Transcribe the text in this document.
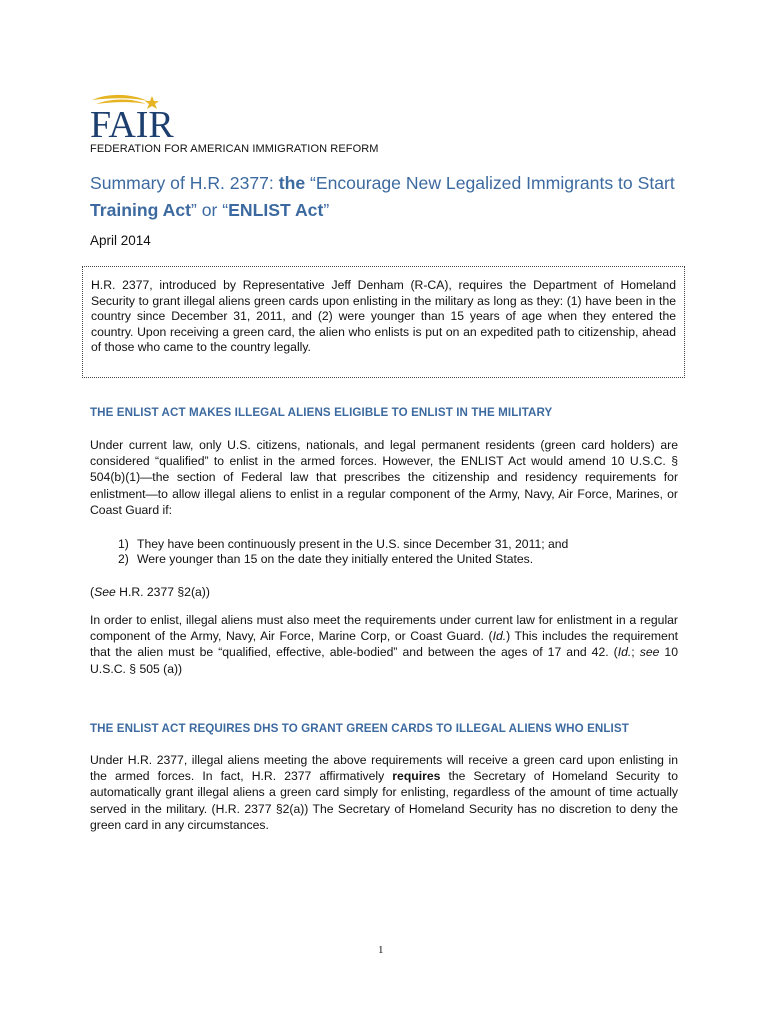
FAIR
FEDERATION FOR AMERICAN IMMIGRATION REFORM
Summary of H.R. 2377: the “Encourage New Legalized Immigrants to Start
Training Act” or “ENLIST Act”
April 2014
H.R. 2377, introduced by Representative Jeff Denham (R-CA), requires the Department of Homeland Security to grant illegal aliens green cards upon enlisting in the military as long as they: (1) have been in the country since December 31, 2011, and (2) were younger than 15 years of age when they entered the country. Upon receiving a green card, the alien who enlists is put on an expedited path to citizenship, ahead of those who came to the country legally.
THE ENLIST ACT MAKES ILLEGAL ALIENS ELIGIBLE TO ENLIST IN THE MILITARY

Under current law, only U.S. citizens, nationals, and legal permanent residents (green card holders) are considered “qualified” to enlist in the armed forces. However, the ENLIST Act would amend 10 U.S.C. § 504(b)(1)—the section of Federal law that prescribes the citizenship and residency requirements for enlistment—to allow illegal aliens to enlist in a regular component of the Army, Navy, Air Force, Marines, or Coast Guard if:

1) They have been continuously present in the U.S. since December 31, 2011; and
2) Were younger than 15 on the date they initially entered the United States.

(See H.R. 2377 §2(a))

In order to enlist, illegal aliens must also meet the requirements under current law for enlistment in a regular component of the Army, Navy, Air Force, Marine Corp, or Coast Guard. (Id.) This includes the requirement that the alien must be “qualified, effective, able-bodied” and between the ages of 17 and 42. (Id.; see 10 U.S.C. § 505 (a))

THE ENLIST ACT REQUIRES DHS TO GRANT GREEN CARDS TO ILLEGAL ALIENS WHO ENLIST

Under H.R. 2377, illegal aliens meeting the above requirements will receive a green card upon enlisting in the armed forces. In fact, H.R. 2377 affirmatively requires the Secretary of Homeland Security to automatically grant illegal aliens a green card simply for enlisting, regardless of the amount of time actually served in the military. (H.R. 2377 §2(a)) The Secretary of Homeland Security has no discretion to deny the green card in any circumstances.

1
